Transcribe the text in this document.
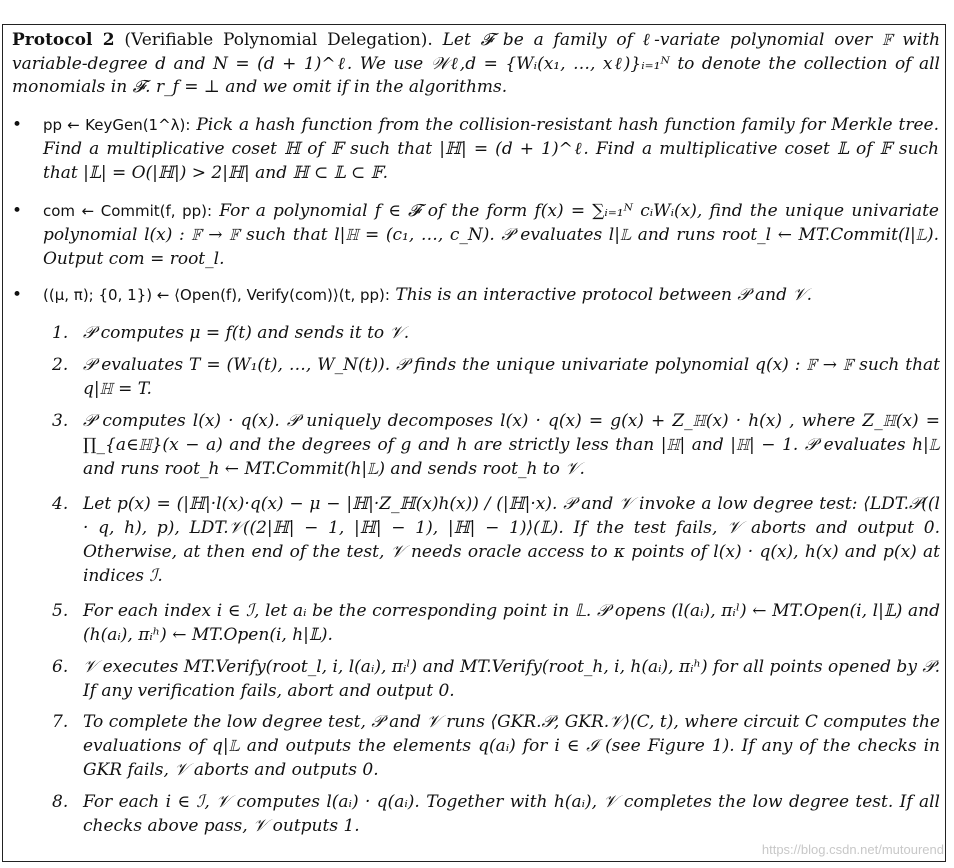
Protocol 2 (Verifiable Polynomial Delegation). Let 𝓕 be a family of ℓ-variate polynomial over 𝔽 with variable-degree d and N = (d + 1)^ℓ. We use 𝒲ℓ,d = {Wᵢ(x₁, …, xℓ)}ᵢ₌₁ᴺ to denote the collection of all monomials in 𝓕. r_f = ⊥ and we omit if in the algorithms.
• pp ← KeyGen(1^λ): Pick a hash function from the collision-resistant hash function family for Merkle tree. Find a multiplicative coset ℍ of 𝔽 such that |ℍ| = (d + 1)^ℓ. Find a multiplicative coset 𝕃 of 𝔽 such that |𝕃| = O(|ℍ|) > 2|ℍ| and ℍ ⊂ 𝕃 ⊂ 𝔽.
• com ← Commit(f, pp): For a polynomial f ∈ 𝓕 of the form f(x) = ∑ᵢ₌₁ᴺ cᵢWᵢ(x), find the unique univariate polynomial l(x) : 𝔽 → 𝔽 such that l|ℍ = (c₁, …, c_N). 𝒫 evaluates l|𝕃 and runs root_l ← MT.Commit(l|𝕃). Output com = root_l.
• ((μ, π); {0, 1}) ← ⟨Open(f), Verify(com)⟩(t, pp): This is an interactive protocol between 𝒫 and 𝒱.
1. 𝒫 computes μ = f(t) and sends it to 𝒱.
2. 𝒫 evaluates T = (W₁(t), …, W_N(t)). 𝒫 finds the unique univariate polynomial q(x) : 𝔽 → 𝔽 such that q|ℍ = T.
3. 𝒫 computes l(x) · q(x). 𝒫 uniquely decomposes l(x) · q(x) = g(x) + Z_ℍ(x) · h(x) , where Z_ℍ(x) = ∏_{a∈ℍ}(x − a) and the degrees of g and h are strictly less than |ℍ| and |ℍ| − 1. 𝒫 evaluates h|𝕃 and runs root_h ← MT.Commit(h|𝕃) and sends root_h to 𝒱.
4. Let p(x) = (|ℍ|·l(x)·q(x) − μ − |ℍ|·Z_ℍ(x)h(x)) / (|ℍ|·x). 𝒫 and 𝒱 invoke a low degree test: ⟨LDT.𝒫((l · q, h), p), LDT.𝒱((2|ℍ| − 1, |ℍ| − 1), |ℍ| − 1)⟩(𝕃). If the test fails, 𝒱 aborts and output 0. Otherwise, at then end of the test, 𝒱 needs oracle access to κ points of l(x) · q(x), h(x) and p(x) at indices ℐ.
5. For each index i ∈ ℐ, let aᵢ be the corresponding point in 𝕃. 𝒫 opens (l(aᵢ), πᵢˡ) ← MT.Open(i, l|𝕃) and (h(aᵢ), πᵢʰ) ← MT.Open(i, h|𝕃).
6. 𝒱 executes MT.Verify(root_l, i, l(aᵢ), πᵢˡ) and MT.Verify(root_h, i, h(aᵢ), πᵢʰ) for all points opened by 𝒫. If any verification fails, abort and output 0.
7. To complete the low degree test, 𝒫 and 𝒱 runs ⟨GKR.𝒫, GKR.𝒱⟩(C, t), where circuit C computes the evaluations of q|𝕃 and outputs the elements q(aᵢ) for i ∈ ℐ (see Figure 1). If any of the checks in GKR fails, 𝒱 aborts and outputs 0.
8. For each i ∈ ℐ, 𝒱 computes l(aᵢ) · q(aᵢ). Together with h(aᵢ), 𝒱 completes the low degree test. If all checks above pass, 𝒱 outputs 1.
https://blog.csdn.net/mutourend
